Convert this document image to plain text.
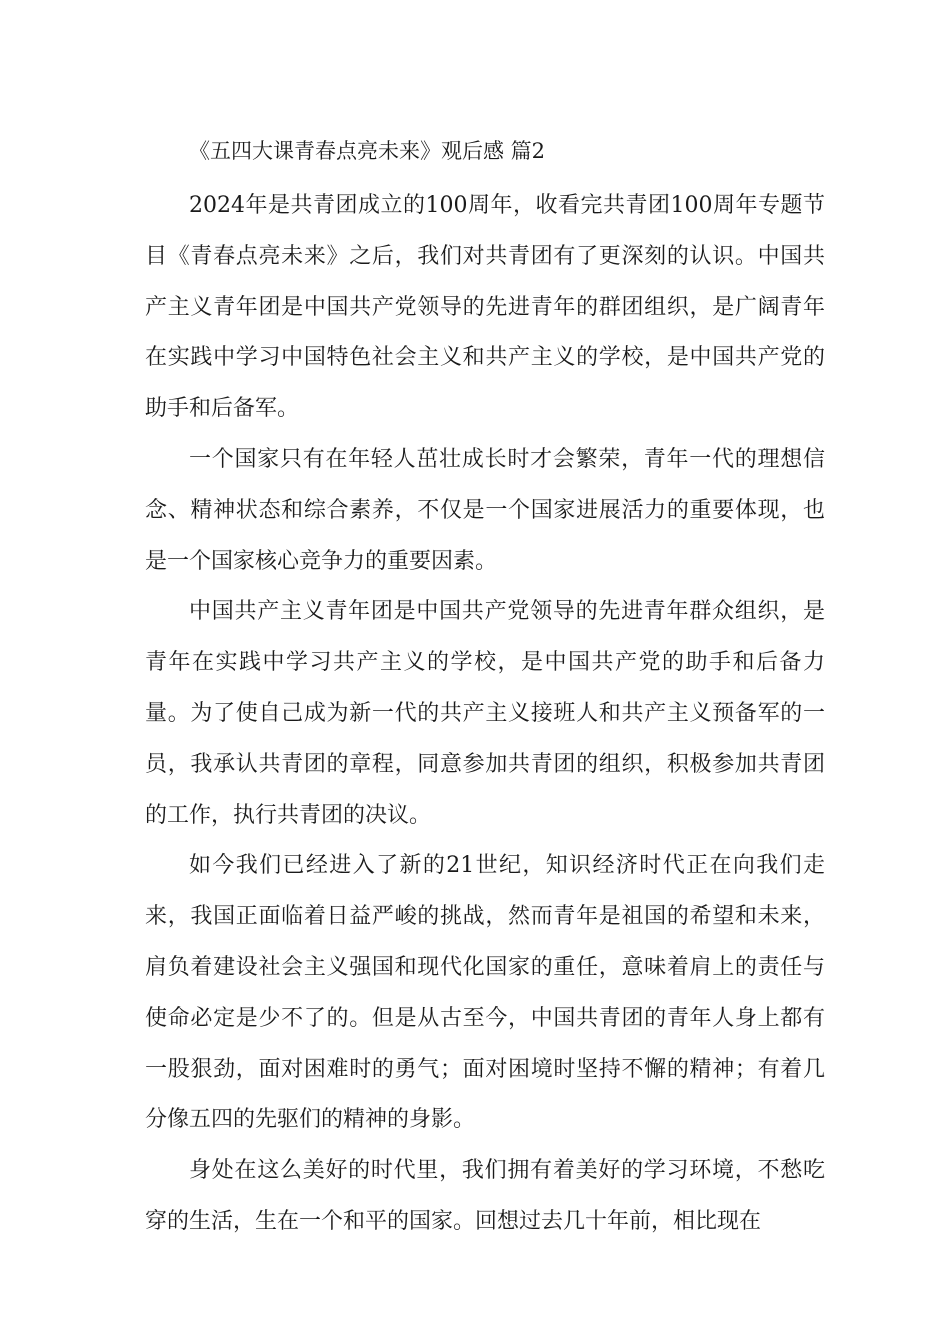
《五四大课青春点亮未来》观后感 篇2

2024年是共青团成立的100周年，收看完共青团100周年专题节目《青春点亮未来》之后，我们对共青团有了更深刻的认识。中国共产主义青年团是中国共产党领导的先进青年的群团组织，是广阔青年在实践中学习中国特色社会主义和共产主义的学校，是中国共产党的助手和后备军。

一个国家只有在年轻人茁壮成长时才会繁荣，青年一代的理想信念、精神状态和综合素养，不仅是一个国家进展活力的重要体现，也是一个国家核心竞争力的重要因素。

中国共产主义青年团是中国共产党领导的先进青年群众组织，是青年在实践中学习共产主义的学校，是中国共产党的助手和后备力量。为了使自己成为新一代的共产主义接班人和共产主义预备军的一员，我承认共青团的章程，同意参加共青团的组织，积极参加共青团的工作，执行共青团的决议。

如今我们已经进入了新的21世纪，知识经济时代正在向我们走来，我国正面临着日益严峻的挑战，然而青年是祖国的希望和未来，肩负着建设社会主义强国和现代化国家的重任，意味着肩上的责任与使命必定是少不了的。但是从古至今，中国共青团的青年人身上都有一股狠劲，面对困难时的勇气；面对困境时坚持不懈的精神；有着几分像五四的先驱们的精神的身影。

身处在这么美好的时代里，我们拥有着美好的学习环境，不愁吃穿的生活，生在一个和平的国家。回想过去几十年前，相比现在
